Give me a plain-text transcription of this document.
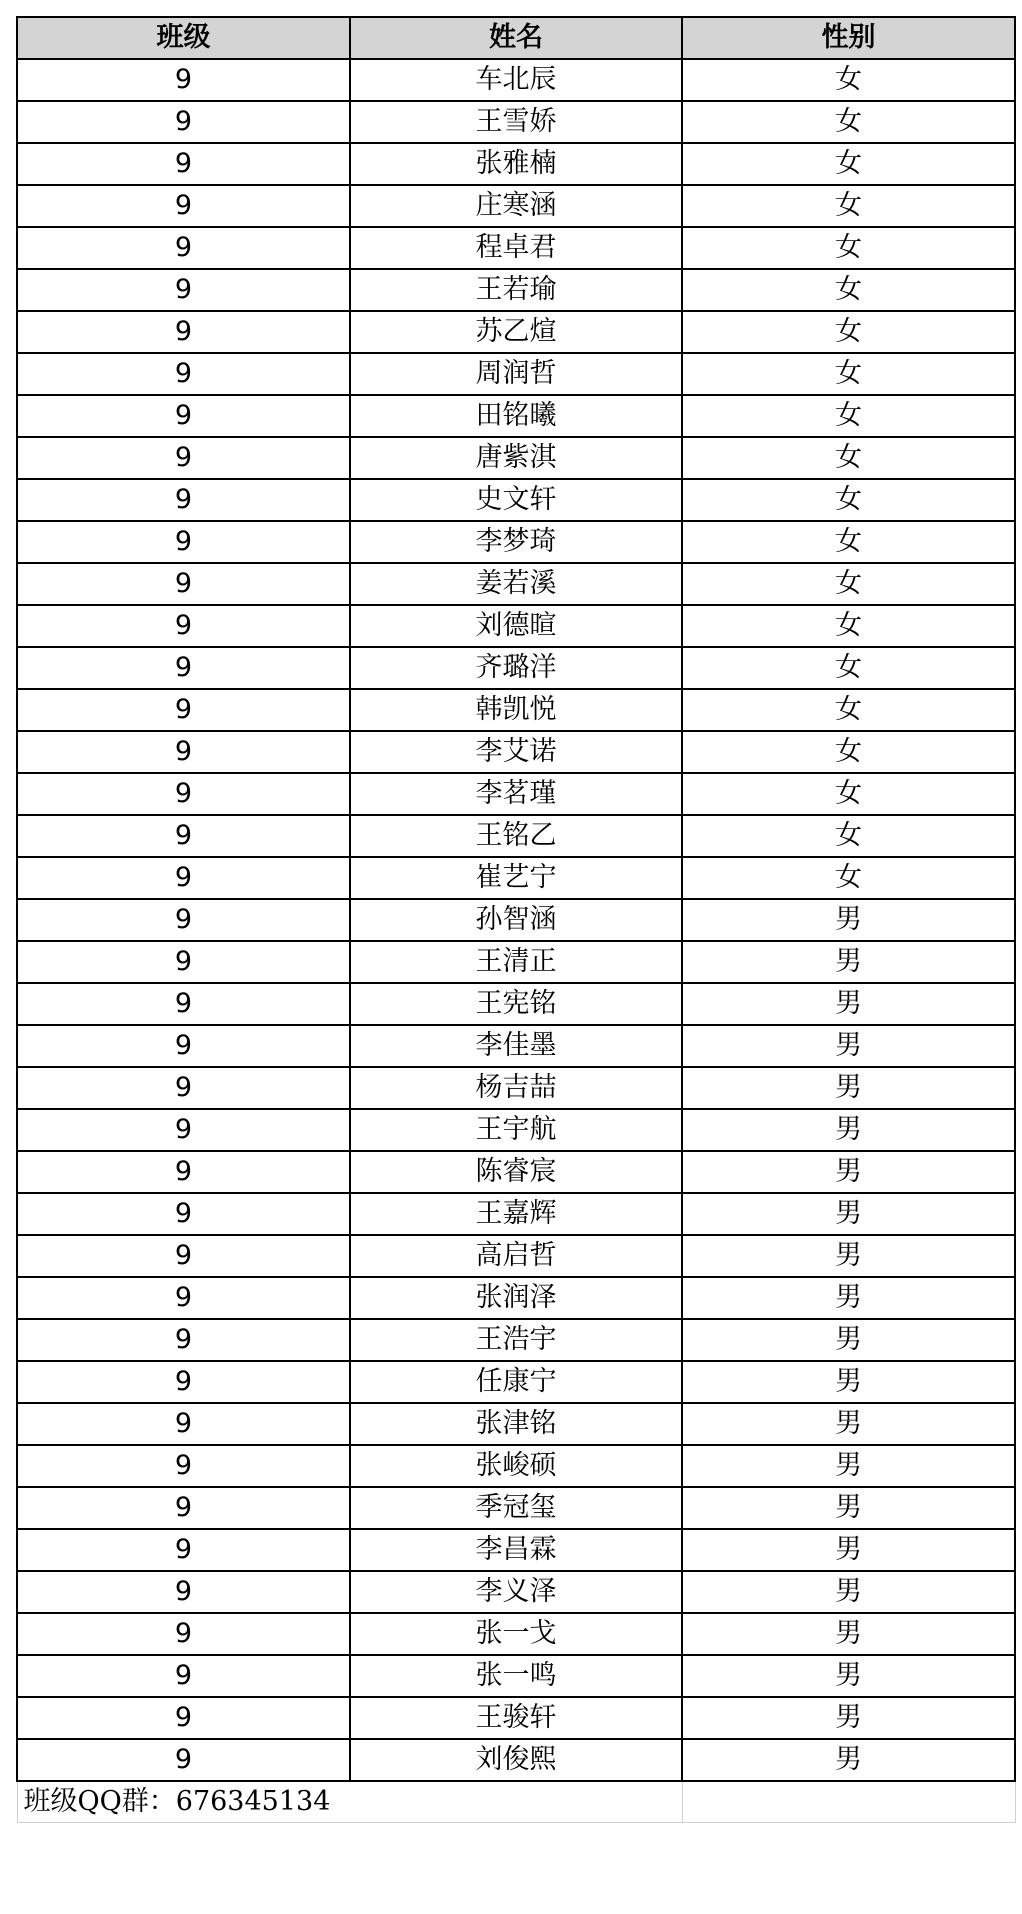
班级	姓名	性别
9	车北辰	女
9	王雪娇	女
9	张雅楠	女
9	庄寒涵	女
9	程卓君	女
9	王若瑜	女
9	苏乙煊	女
9	周润哲	女
9	田铭曦	女
9	唐紫淇	女
9	史文轩	女
9	李梦琦	女
9	姜若溪	女
9	刘德暄	女
9	齐璐洋	女
9	韩凯悦	女
9	李艾诺	女
9	李茗瑾	女
9	王铭乙	女
9	崔艺宁	女
9	孙智涵	男
9	王清正	男
9	王宪铭	男
9	李佳墨	男
9	杨吉喆	男
9	王宇航	男
9	陈睿宸	男
9	王嘉辉	男
9	高启哲	男
9	张润泽	男
9	王浩宇	男
9	任康宁	男
9	张津铭	男
9	张峻硕	男
9	季冠玺	男
9	李昌霖	男
9	李义泽	男
9	张一戈	男
9	张一鸣	男
9	王骏轩	男
9	刘俊熙	男
班级QQ群：676345134		
